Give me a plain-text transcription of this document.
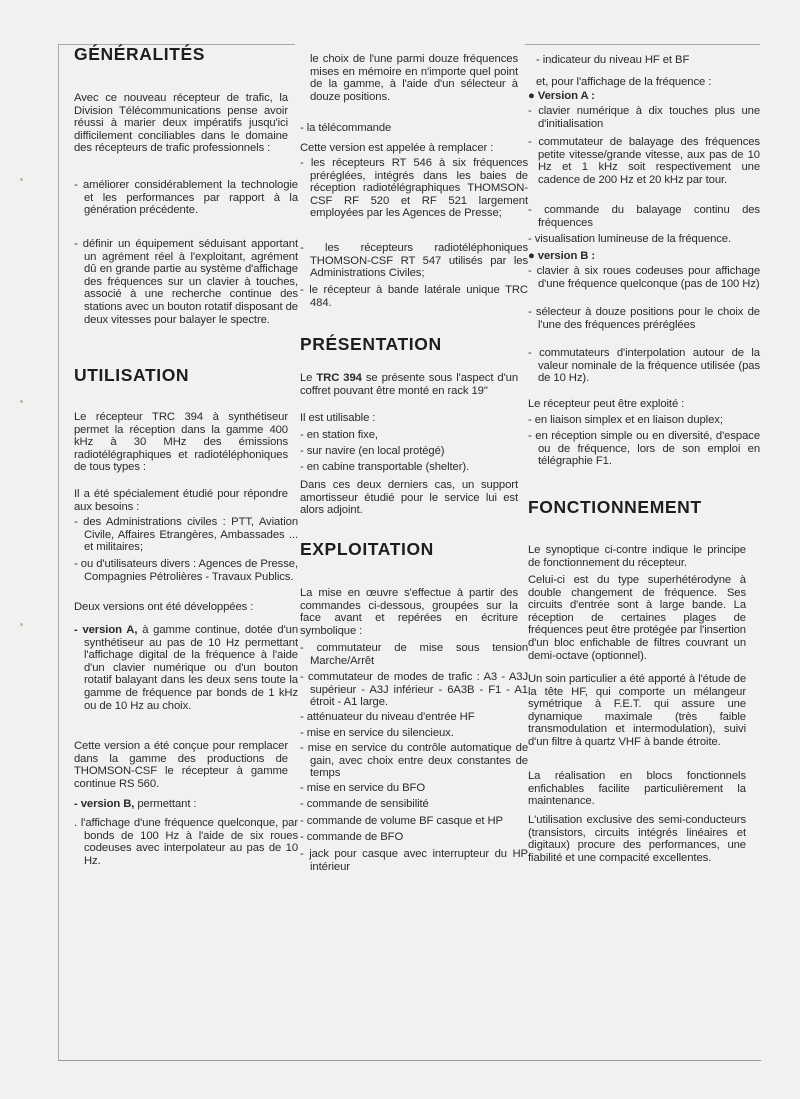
GÉNÉRALITÉS

Avec ce nouveau récepteur de trafic, la Division Télécommunications pense avoir réussi à marier deux impératifs jusqu'ici difficilement conciliables dans le domaine des récepteurs de trafic professionnels :

- améliorer considérablement la technologie et les performances par rapport à la génération précédente.

- définir un équipement séduisant apportant un agrément réel à l'exploitant, agrément dû en grande partie au système d'affichage des fréquences sur un clavier à touches, associé à une recherche continue des stations avec un bouton rotatif disposant de deux vitesses pour balayer le spectre.

UTILISATION

Le récepteur TRC 394 à synthétiseur permet la réception dans la gamme 400 kHz à 30 MHz des émissions radiotélégraphiques et radiotéléphoniques de tous types :

Il a été spécialement étudié pour répondre aux besoins :

- des Administrations civiles : PTT, Aviation Civile, Affaires Etrangères, Ambassades ... et militaires;

- ou d'utilisateurs divers : Agences de Presse, Compagnies Pétrolières - Travaux Publics.

Deux versions ont été développées :

- version A, à gamme continue, dotée d'un synthétiseur au pas de 10 Hz permettant l'affichage digital de la fréquence à l'aide d'un clavier numérique ou d'un bouton rotatif balayant dans les deux sens toute la gamme de fréquence par bonds de 1 kHz ou de 10 Hz au choix.

Cette version a été conçue pour remplacer dans la gamme des productions de THOMSON-CSF le récepteur à gamme continue RS 560.

- version B, permettant :

. l'affichage d'une fréquence quelconque, par bonds de 100 Hz à l'aide de six roues codeuses avec interpolateur au pas de 10 Hz.

le choix de l'une parmi douze fréquences mises en mémoire en n'importe quel point de la gamme, à l'aide d'un sélecteur à douze positions.

- la télécommande

Cette version est appelée à remplacer :

- les récepteurs RT 546 à six fréquences préréglées, intégrés dans les baies de réception radiotélégraphiques THOMSON-CSF RF 520 et RF 521 largement employées par les Agences de Presse;

- les récepteurs radiotéléphoniques THOMSON-CSF RT 547 utilisés par les Administrations Civiles;

- le récepteur à bande latérale unique TRC 484.

PRÉSENTATION

Le TRC 394 se présente sous l'aspect d'un coffret pouvant être monté en rack 19"

Il est utilisable :

- en station fixe,

- sur navire (en local protégé)

- en cabine transportable (shelter).

Dans ces deux derniers cas, un support amortisseur étudié pour le service lui est alors adjoint.

EXPLOITATION

La mise en œuvre s'effectue à partir des commandes ci-dessous, groupées sur la face avant et repérées en écriture symbolique :

- commutateur de mise sous tension Marche/Arrêt

- commutateur de modes de trafic : A3 - A3J supérieur - A3J inférieur - 6A3B - F1 - A1 étroit - A1 large.

- atténuateur du niveau d'entrée HF

- mise en service du silencieux.

- mise en service du contrôle automatique de gain, avec choix entre deux constantes de temps

- mise en service du BFO

- commande de sensibilité

- commande de volume BF casque et HP

- commande de BFO

- jack pour casque avec interrupteur du HP intérieur

- indicateur du niveau HF et BF

et, pour l'affichage de la fréquence :

● Version A :

- clavier numérique à dix touches plus une d'initialisation

- commutateur de balayage des fréquences petite vitesse/grande vitesse, aux pas de 10 Hz et 1 kHz soit respectivement une cadence de 200 Hz et 20 kHz par tour.

- commande du balayage continu des fréquences

- visualisation lumineuse de la fréquence.

● version B :

- clavier à six roues codeuses pour affichage d'une fréquence quelconque (pas de 100 Hz)

- sélecteur à douze positions pour le choix de l'une des fréquences préréglées

- commutateurs d'interpolation autour de la valeur nominale de la fréquence utilisée (pas de 10 Hz).

Le récepteur peut être exploité :

- en liaison simplex et en liaison duplex;

- en réception simple ou en diversité, d'espace ou de fréquence, lors de son emploi en télégraphie F1.

FONCTIONNEMENT

Le synoptique ci-contre indique le principe de fonctionnement du récepteur.

Celui-ci est du type superhétérodyne à double changement de fréquence. Ses circuits d'entrée sont à large bande. La réception de certaines plages de fréquences peut être protégée par l'insertion d'un bloc enfichable de filtres couvrant un demi-octave (optionnel).

Un soin particulier a été apporté à l'étude de la tête HF, qui comporte un mélangeur symétrique à F.E.T. qui assure une dynamique maximale (très faible transmodulation et intermodulation), suivi d'un filtre à quartz VHF à bande étroite.

La réalisation en blocs fonctionnels enfichables facilite particulièrement la maintenance.

L'utilisation exclusive des semi-conducteurs (transistors, circuits intégrés linéaires et digitaux) procure des performances, une fiabilité et une compacité excellentes.
